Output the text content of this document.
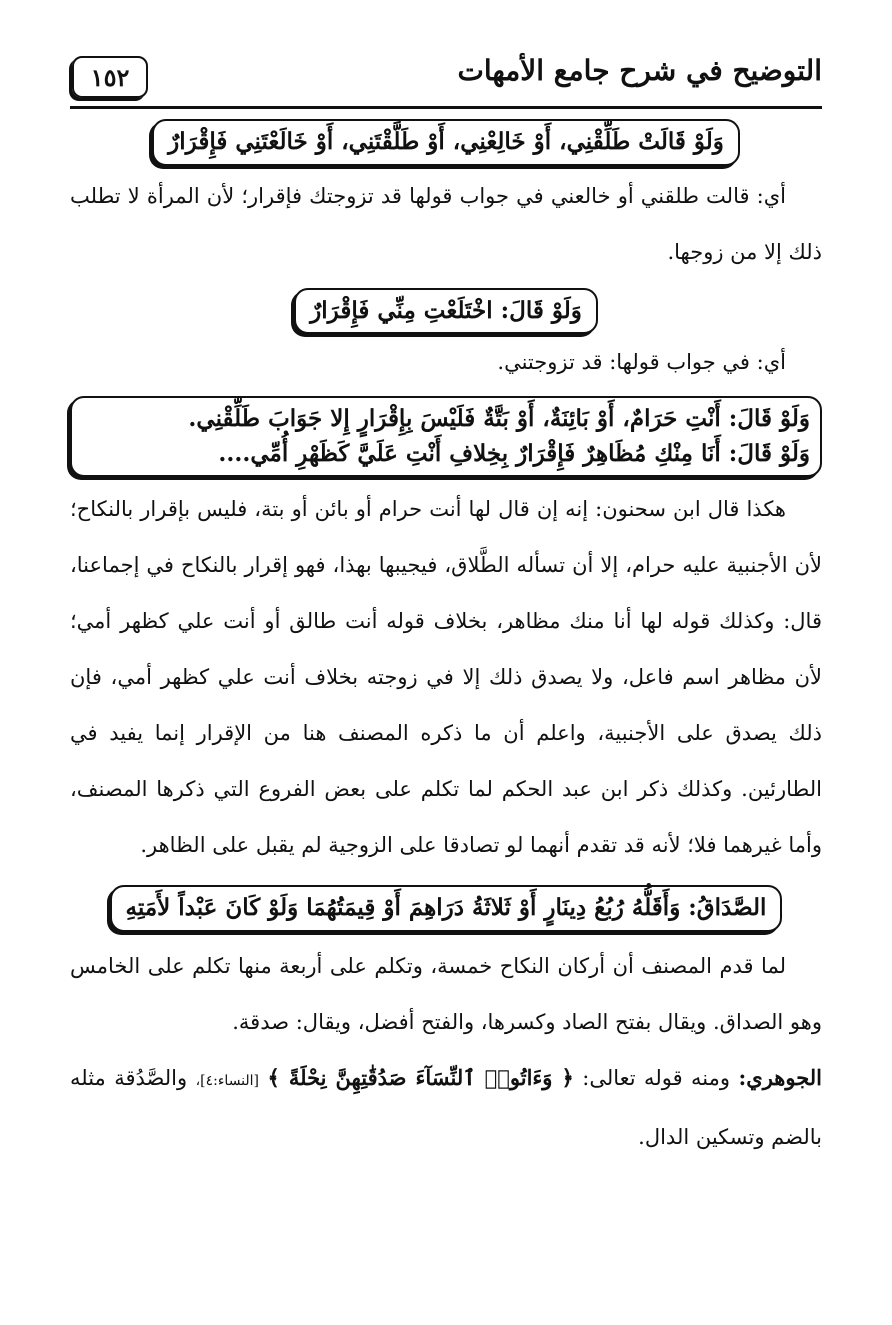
التوضيح في شرح جامع الأمهات
١٥٢
وَلَوْ قَالَتْ طَلِّقْنِي، أَوْ خَالِعْنِي، أَوْ طَلَّقْتَنِي، أَوْ خَالَعْتَنِي فَإِقْرَارٌ

أي: قالت طلقني أو خالعني في جواب قولها قد تزوجتك فإقرار؛ لأن المرأة لا تطلب ذلك إلا من زوجها.

وَلَوْ قَالَ: اخْتَلَعْتِ مِنِّي فَإِقْرَارٌ

أي: في جواب قولها: قد تزوجتني.

وَلَوْ قَالَ: أَنْتِ حَرَامٌ، أَوْ بَائِنَةٌ، أَوْ بَتَّةٌ فَلَيْسَ بِإِقْرَارٍ إِلا جَوَابَ طَلِّقْنِي.
وَلَوْ قَالَ: أَنَا مِنْكِ مُظَاهِرٌ فَإِقْرَارٌ بِخِلافِ أَنْتِ عَلَيَّ كَظَهْرِ أُمِّي....

هكذا قال ابن سحنون: إنه إن قال لها أنت حرام أو بائن أو بتة، فليس بإقرار بالنكاح؛ لأن الأجنبية عليه حرام، إلا أن تسأله الطَّلاق، فيجيبها بهذا، فهو إقرار بالنكاح في إجماعنا، قال: وكذلك قوله لها أنا منك مظاهر، بخلاف قوله أنت طالق أو أنت علي كظهر أمي؛ لأن مظاهر اسم فاعل، ولا يصدق ذلك إلا في زوجته بخلاف أنت علي كظهر أمي، فإن ذلك يصدق على الأجنبية، واعلم أن ما ذكره المصنف هنا من الإقرار إنما يفيد في الطارئين. وكذلك ذكر ابن عبد الحكم لما تكلم على بعض الفروع التي ذكرها المصنف، وأما غيرهما فلا؛ لأنه قد تقدم أنهما لو تصادقا على الزوجية لم يقبل على الظاهر.

الصَّدَاقُ: وَأَقَلُّهُ رُبُعُ دِينَارٍ أَوْ ثَلاثَةُ دَرَاهِمَ أَوْ قِيمَتُهُمَا وَلَوْ كَانَ عَبْداً لأَمَتِهِ

لما قدم المصنف أن أركان النكاح خمسة، وتكلم على أربعة منها تكلم على الخامس وهو الصداق. ويقال بفتح الصاد وكسرها، والفتح أفضل، ويقال: صدقة.

الجوهري: ومنه قوله تعالى: ﴿ وَءَاتُوا۟ ٱلنِّسَآءَ صَدُقَٰتِهِنَّ نِحْلَةً ﴾ [النساء:٤]، والصَّدُقة مثله بالضم وتسكين الدال.
